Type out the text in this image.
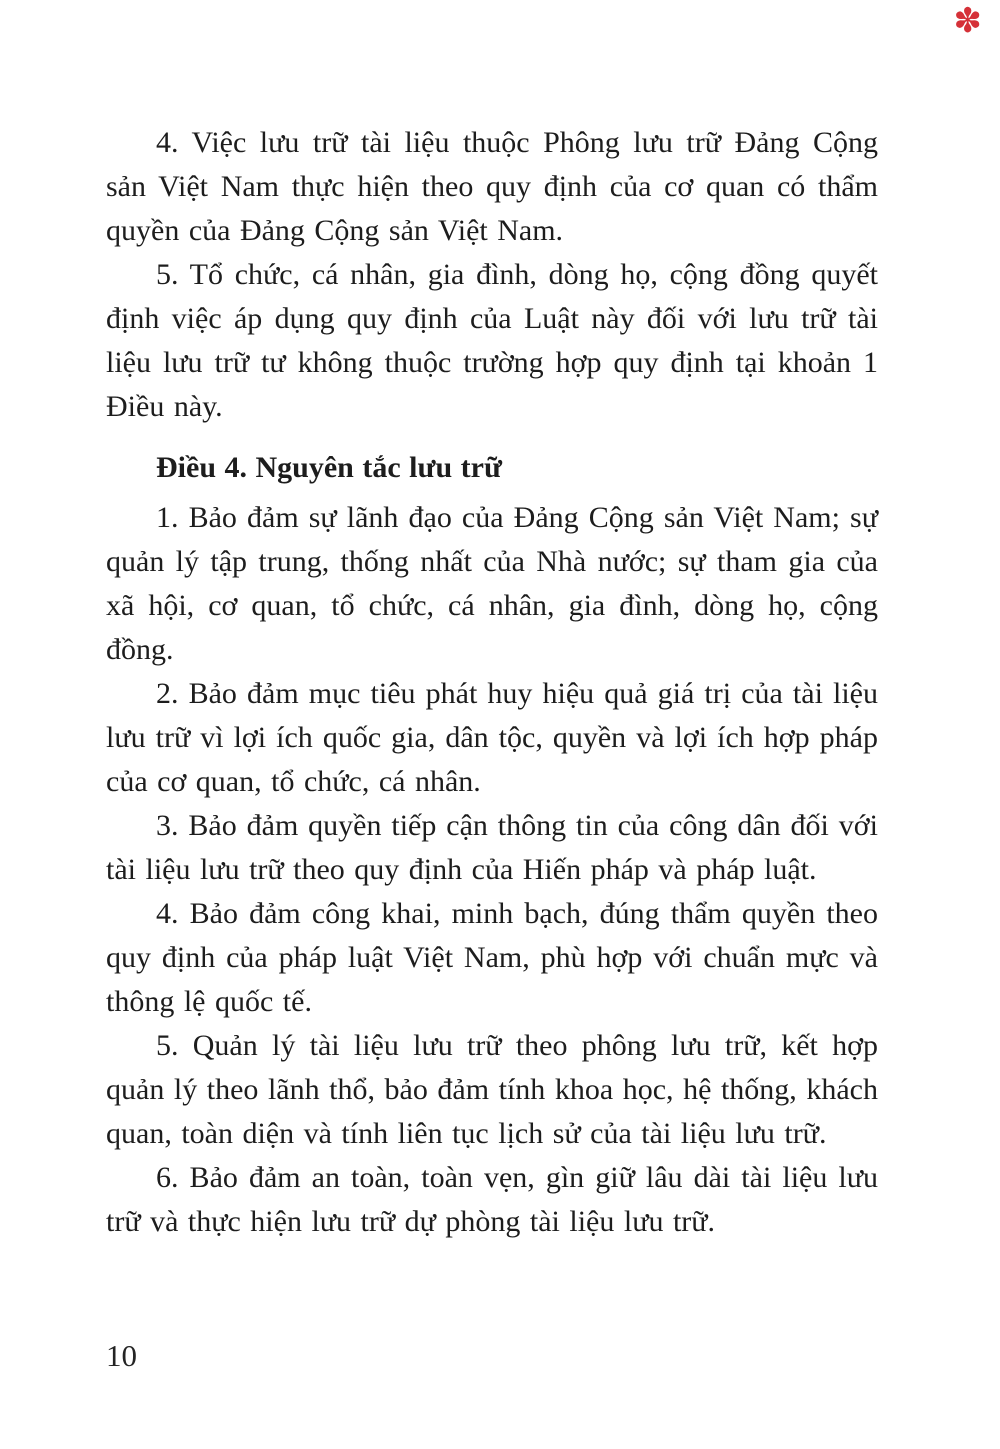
✽

4. Việc lưu trữ tài liệu thuộc Phông lưu trữ Đảng Cộng sản Việt Nam thực hiện theo quy định của cơ quan có thẩm quyền của Đảng Cộng sản Việt Nam.

5. Tổ chức, cá nhân, gia đình, dòng họ, cộng đồng quyết định việc áp dụng quy định của Luật này đối với lưu trữ tài liệu lưu trữ tư không thuộc trường hợp quy định tại khoản 1 Điều này.

Điều 4. Nguyên tắc lưu trữ

1. Bảo đảm sự lãnh đạo của Đảng Cộng sản Việt Nam; sự quản lý tập trung, thống nhất của Nhà nước; sự tham gia của xã hội, cơ quan, tổ chức, cá nhân, gia đình, dòng họ, cộng đồng.

2. Bảo đảm mục tiêu phát huy hiệu quả giá trị của tài liệu lưu trữ vì lợi ích quốc gia, dân tộc, quyền và lợi ích hợp pháp của cơ quan, tổ chức, cá nhân.

3. Bảo đảm quyền tiếp cận thông tin của công dân đối với tài liệu lưu trữ theo quy định của Hiến pháp và pháp luật.

4. Bảo đảm công khai, minh bạch, đúng thẩm quyền theo quy định của pháp luật Việt Nam, phù hợp với chuẩn mực và thông lệ quốc tế.

5. Quản lý tài liệu lưu trữ theo phông lưu trữ, kết hợp quản lý theo lãnh thổ, bảo đảm tính khoa học, hệ thống, khách quan, toàn diện và tính liên tục lịch sử của tài liệu lưu trữ.

6. Bảo đảm an toàn, toàn vẹn, gìn giữ lâu dài tài liệu lưu trữ và thực hiện lưu trữ dự phòng tài liệu lưu trữ.

10
